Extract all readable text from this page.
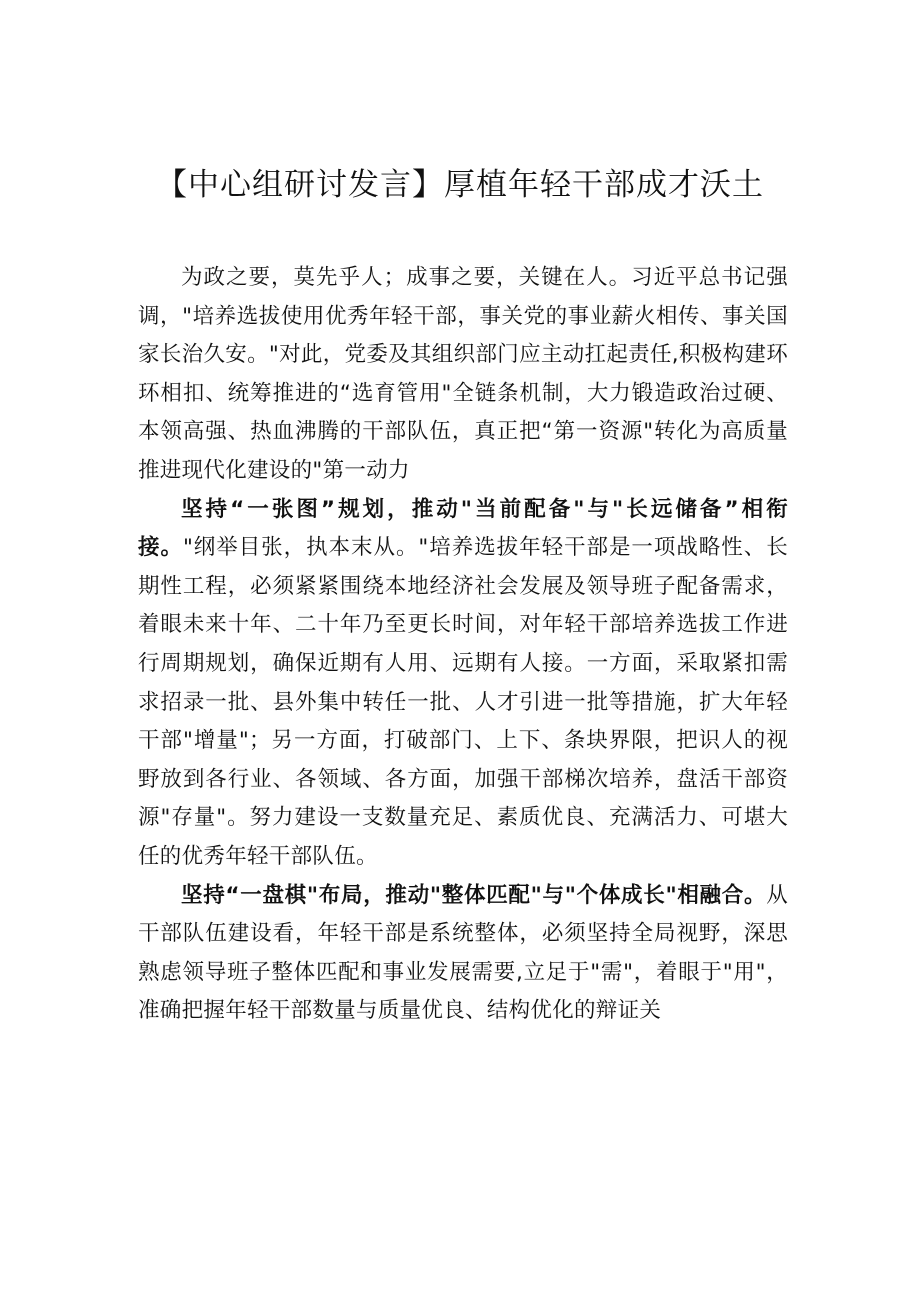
【中心组研讨发言】厚植年轻干部成才沃土

为政之要，莫先乎人；成事之要，关键在人。习近平总书记强调，"培养选拔使用优秀年轻干部，事关党的事业薪火相传、事关国家长治久安。"对此，党委及其组织部门应主动扛起责任,积极构建环环相扣、统筹推进的“选育管用"全链条机制，大力锻造政治过硬、本领高强、热血沸腾的干部队伍，真正把“第一资源"转化为高质量推进现代化建设的"第一动力

坚持“一张图”规划，推动"当前配备"与"长远储备”相衔接。"纲举目张，执本末从。"培养选拔年轻干部是一项战略性、长期性工程，必须紧紧围绕本地经济社会发展及领导班子配备需求，着眼未来十年、二十年乃至更长时间，对年轻干部培养选拔工作进行周期规划，确保近期有人用、远期有人接。一方面，采取紧扣需求招录一批、县外集中转任一批、人才引进一批等措施，扩大年轻干部"增量"；另一方面，打破部门、上下、条块界限，把识人的视野放到各行业、各领域、各方面，加强干部梯次培养，盘活干部资源"存量"。努力建设一支数量充足、素质优良、充满活力、可堪大任的优秀年轻干部队伍。

坚持“一盘棋"布局，推动"整体匹配"与"个体成长"相融合。从干部队伍建设看，年轻干部是系统整体，必须坚持全局视野，深思熟虑领导班子整体匹配和事业发展需要,立足于"需"，着眼于"用"，准确把握年轻干部数量与质量优良、结构优化的辩证关
